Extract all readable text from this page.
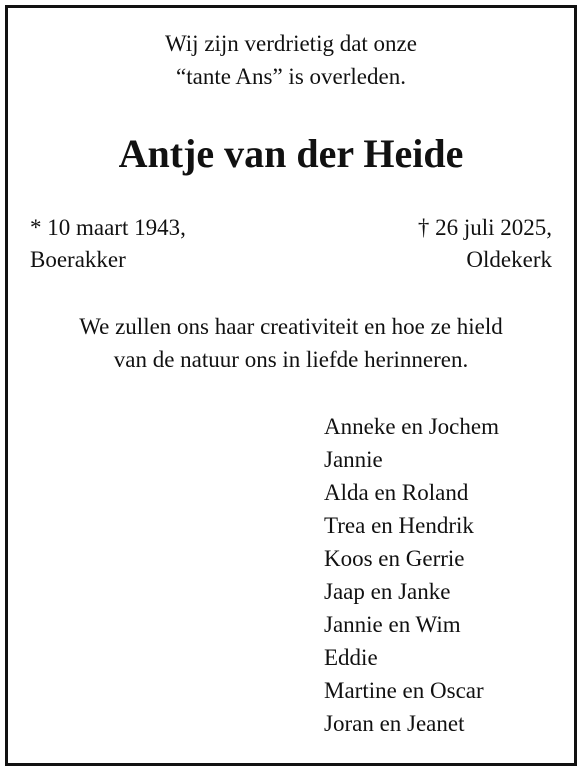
Wij zijn verdrietig dat onze
“tante Ans” is overleden.
Antje van der Heide
* 10 maart 1943,	† 26 juli 2025,
Boerakker	Oldekerk
We zullen ons haar creativiteit en hoe ze hield
van de natuur ons in liefde herinneren.
Anneke en Jochem
Jannie
Alda en Roland
Trea en Hendrik
Koos en Gerrie
Jaap en Janke
Jannie en Wim
Eddie
Martine en Oscar
Joran en Jeanet
